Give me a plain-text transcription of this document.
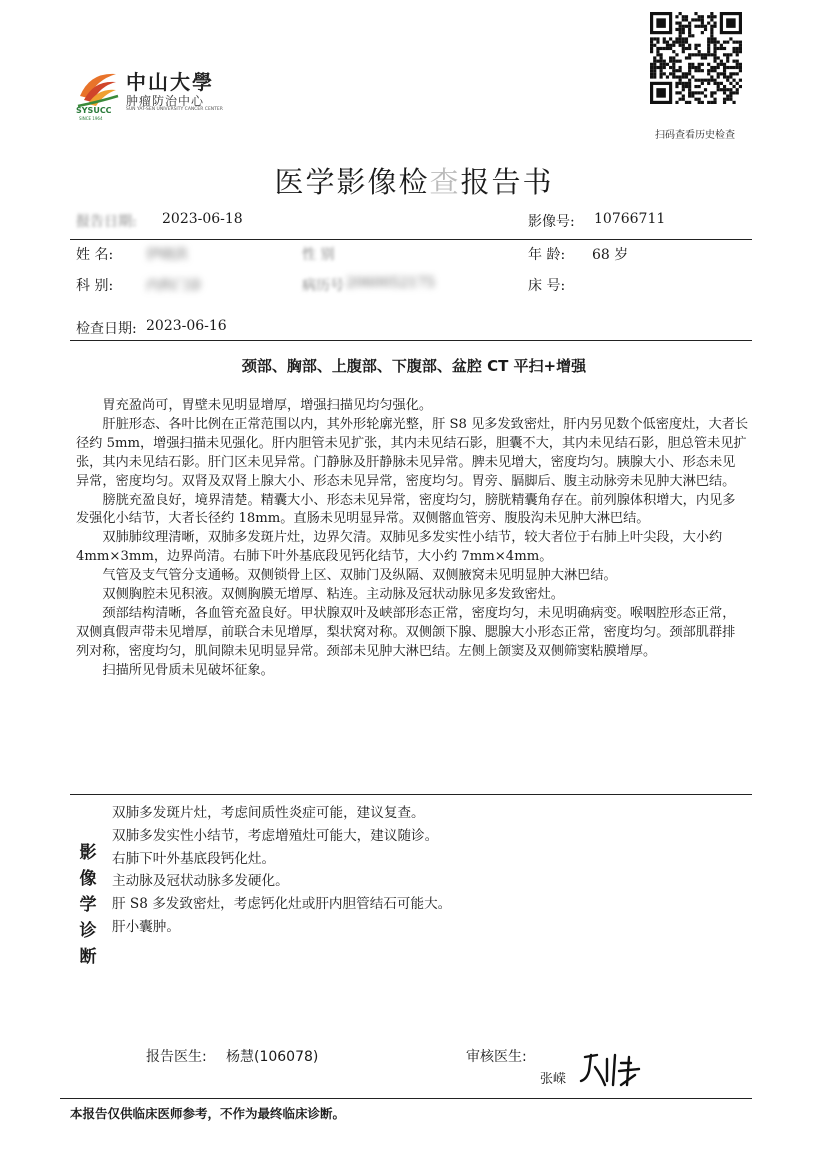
中山大學
肿瘤防治中心
SUN YAT-SEN UNIVERSITY CANCER CENTER
SYSUCC
SINCE 1964
扫码查看历史检查
医学影像检查报告书
报告日期: 2023-06-18	影像号: 10766711
姓 名: 伊晓洪	性 别	年 龄: 68 岁
科 别: 内科门诊	病历号 2060052175	床 号:
检查日期: 2023-06-16
颈部、胸部、上腹部、下腹部、盆腔 CT 平扫+增强

胃充盈尚可，胃壁未见明显增厚，增强扫描见均匀强化。

肝脏形态、各叶比例在正常范围以内，其外形轮廓光整，肝 S8 见多发致密灶，肝内另见数个低密度灶，大者长径约 5mm，增强扫描未见强化。肝内胆管未见扩张，其内未见结石影，胆囊不大，其内未见结石影，胆总管未见扩张，其内未见结石影。肝门区未见异常。门静脉及肝静脉未见异常。脾未见增大，密度均匀。胰腺大小、形态未见异常，密度均匀。双肾及双肾上腺大小、形态未见异常，密度均匀。胃旁、膈脚后、腹主动脉旁未见肿大淋巴结。

膀胱充盈良好，境界清楚。精囊大小、形态未见异常，密度均匀，膀胱精囊角存在。前列腺体积增大，内见多发强化小结节，大者长径约 18mm。直肠未见明显异常。双侧髂血管旁、腹股沟未见肿大淋巴结。

双肺肺纹理清晰，双肺多发斑片灶，边界欠清。双肺见多发实性小结节，较大者位于右肺上叶尖段，大小约 4mm×3mm，边界尚清。右肺下叶外基底段见钙化结节，大小约 7mm×4mm。

气管及支气管分支通畅。双侧锁骨上区、双肺门及纵隔、双侧腋窝未见明显肿大淋巴结。

双侧胸腔未见积液。双侧胸膜无增厚、粘连。主动脉及冠状动脉见多发致密灶。

颈部结构清晰，各血管充盈良好。甲状腺双叶及峡部形态正常，密度均匀，未见明确病变。喉咽腔形态正常，双侧真假声带未见增厚，前联合未见增厚，梨状窝对称。双侧颌下腺、腮腺大小形态正常，密度均匀。颈部肌群排列对称，密度均匀，肌间隙未见明显异常。颈部未见肿大淋巴结。左侧上颌窦及双侧筛窦粘膜增厚。

扫描所见骨质未见破坏征象。

影
像
学
诊
断
双肺多发斑片灶，考虑间质性炎症可能，建议复查。
双肺多发实性小结节，考虑增殖灶可能大，建议随诊。
右肺下叶外基底段钙化灶。
主动脉及冠状动脉多发硬化。
肝 S8 多发致密灶，考虑钙化灶或肝内胆管结石可能大。
肝小囊肿。
报告医生: 杨慧(106078)	审核医生:
张嵘
本报告仅供临床医师参考，不作为最终临床诊断。
